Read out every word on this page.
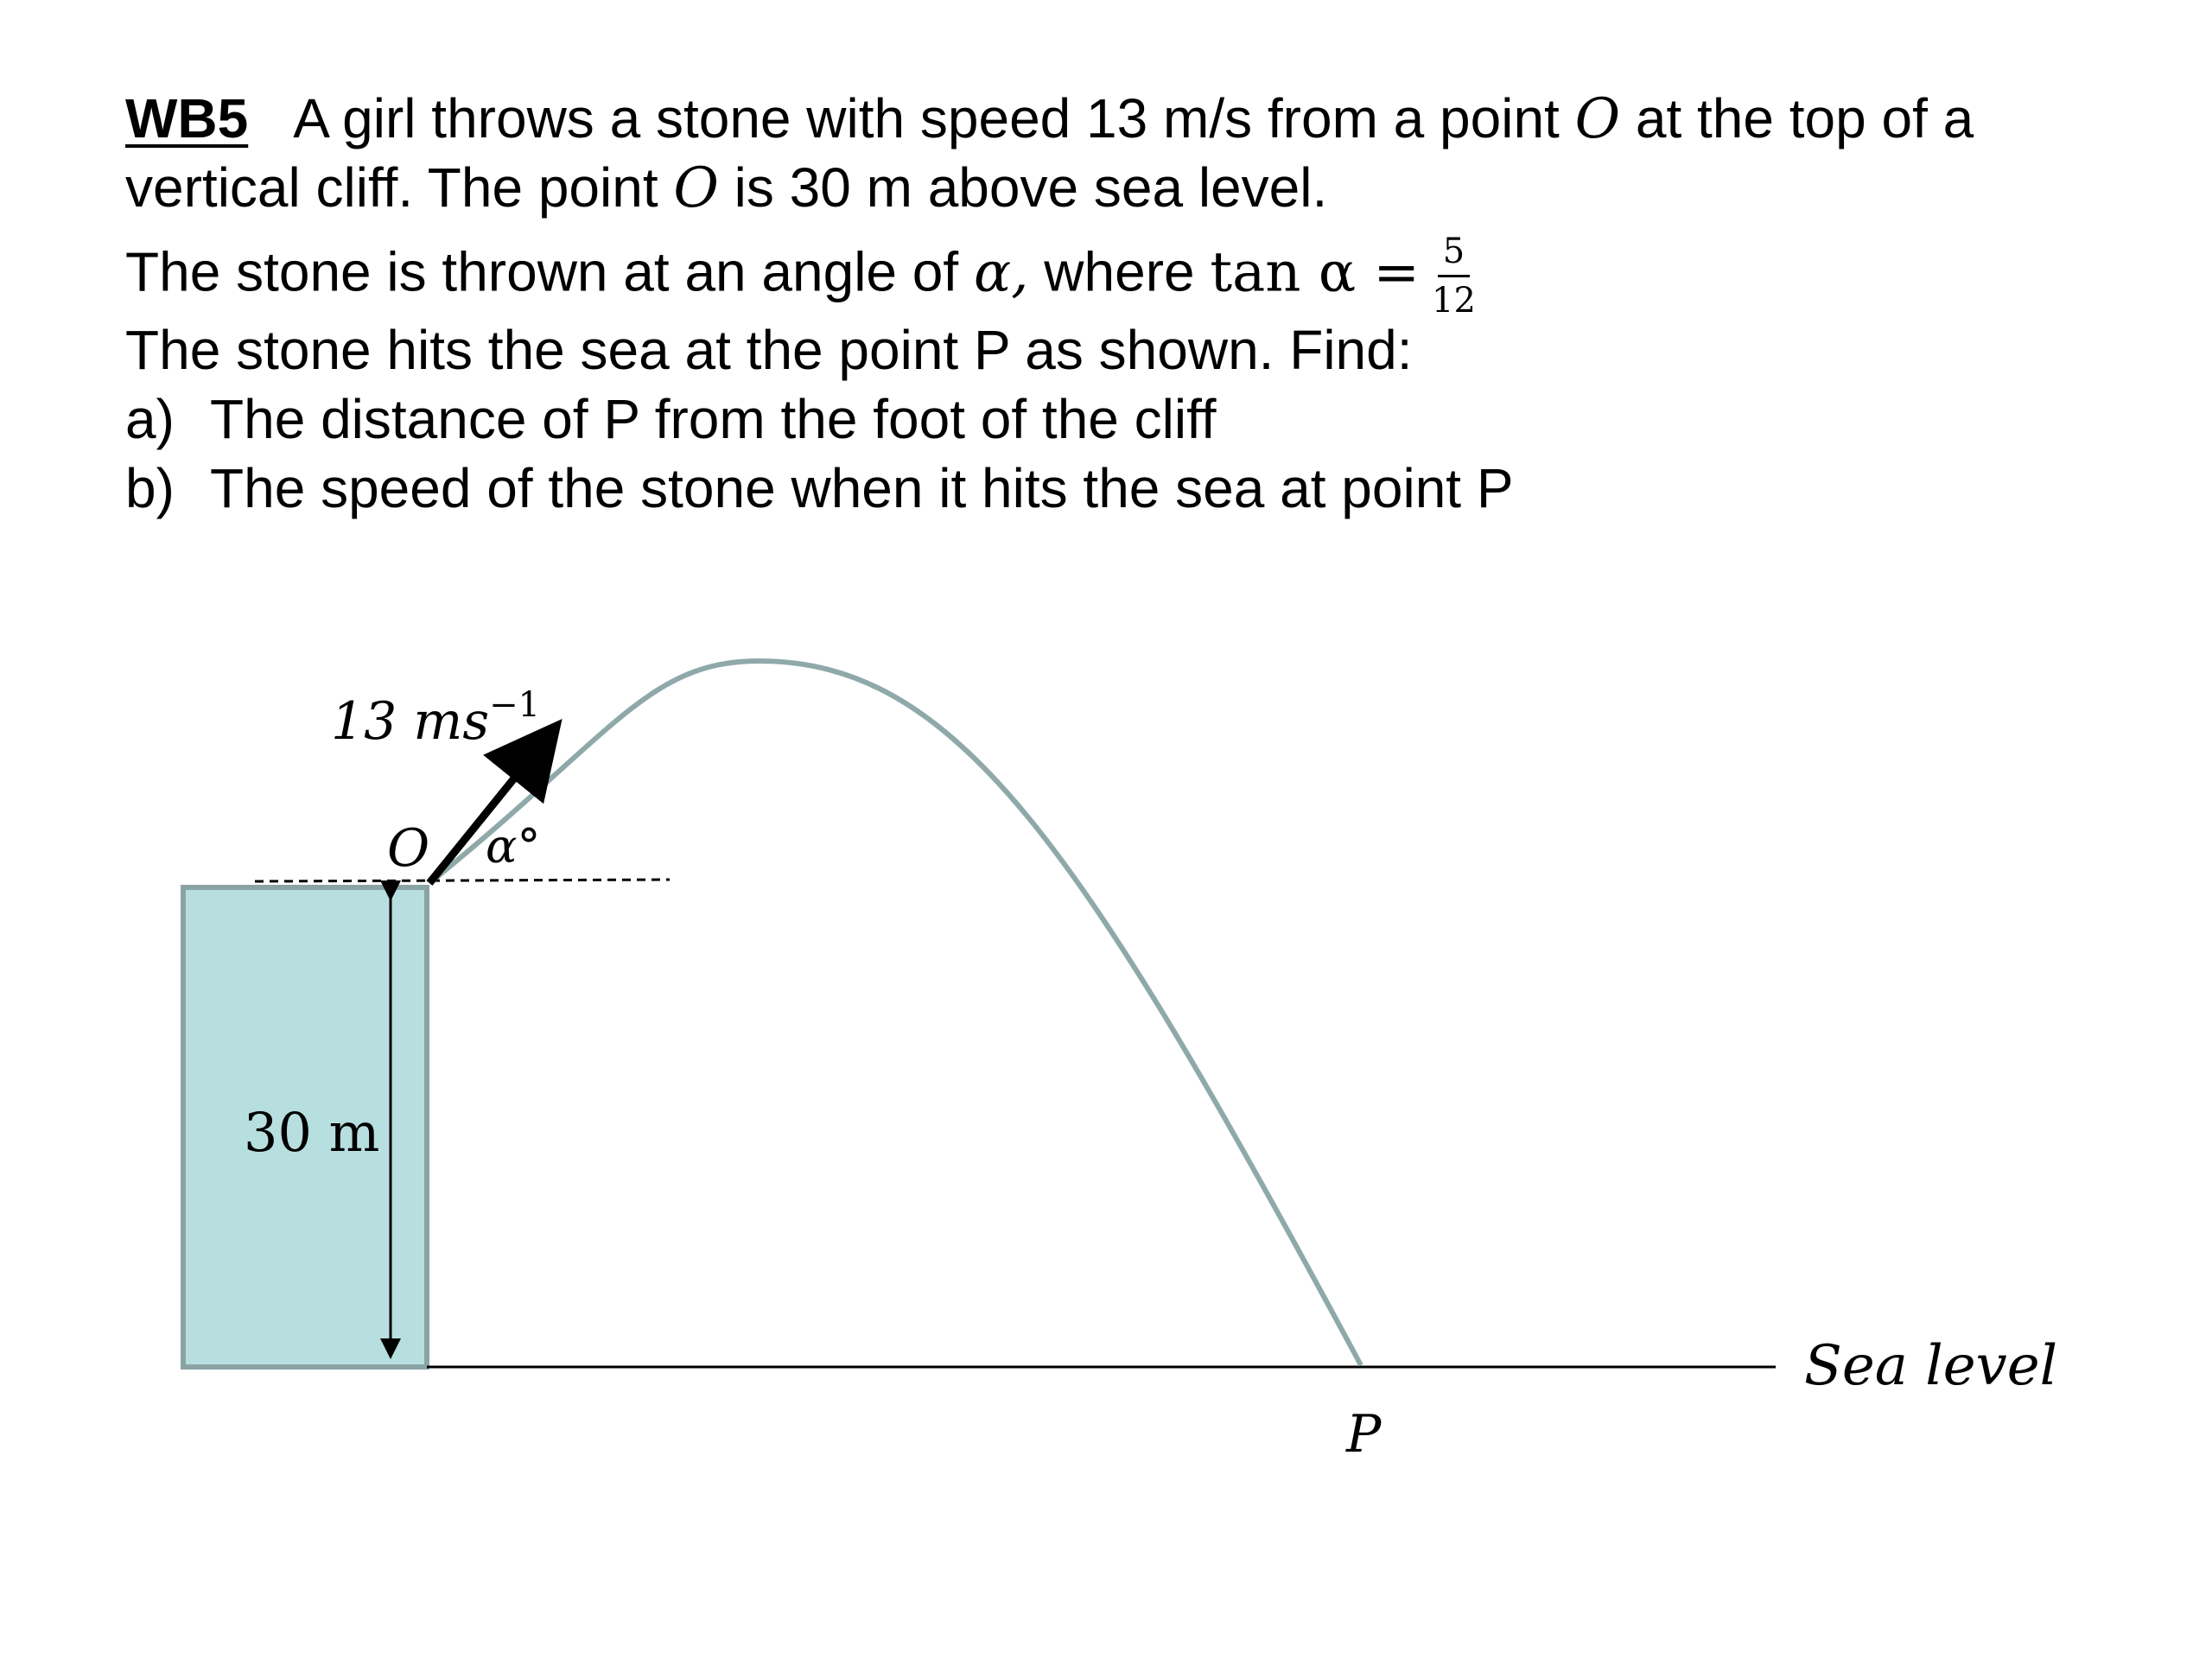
WB5 A girl throws a stone with speed 13 m/s from a point O at the top of a
vertical cliff. The point O is 30 m above sea level.
The stone is thrown at an angle of α, where $\tan \alpha = \frac{5}{12}$
The stone hits the sea at the point P as shown. Find:
a) The distance of P from the foot of the cliff
b) The speed of the stone when it hits the sea at point P
13 $ms^{-1}$
O α°
30 m
P
Sea level
